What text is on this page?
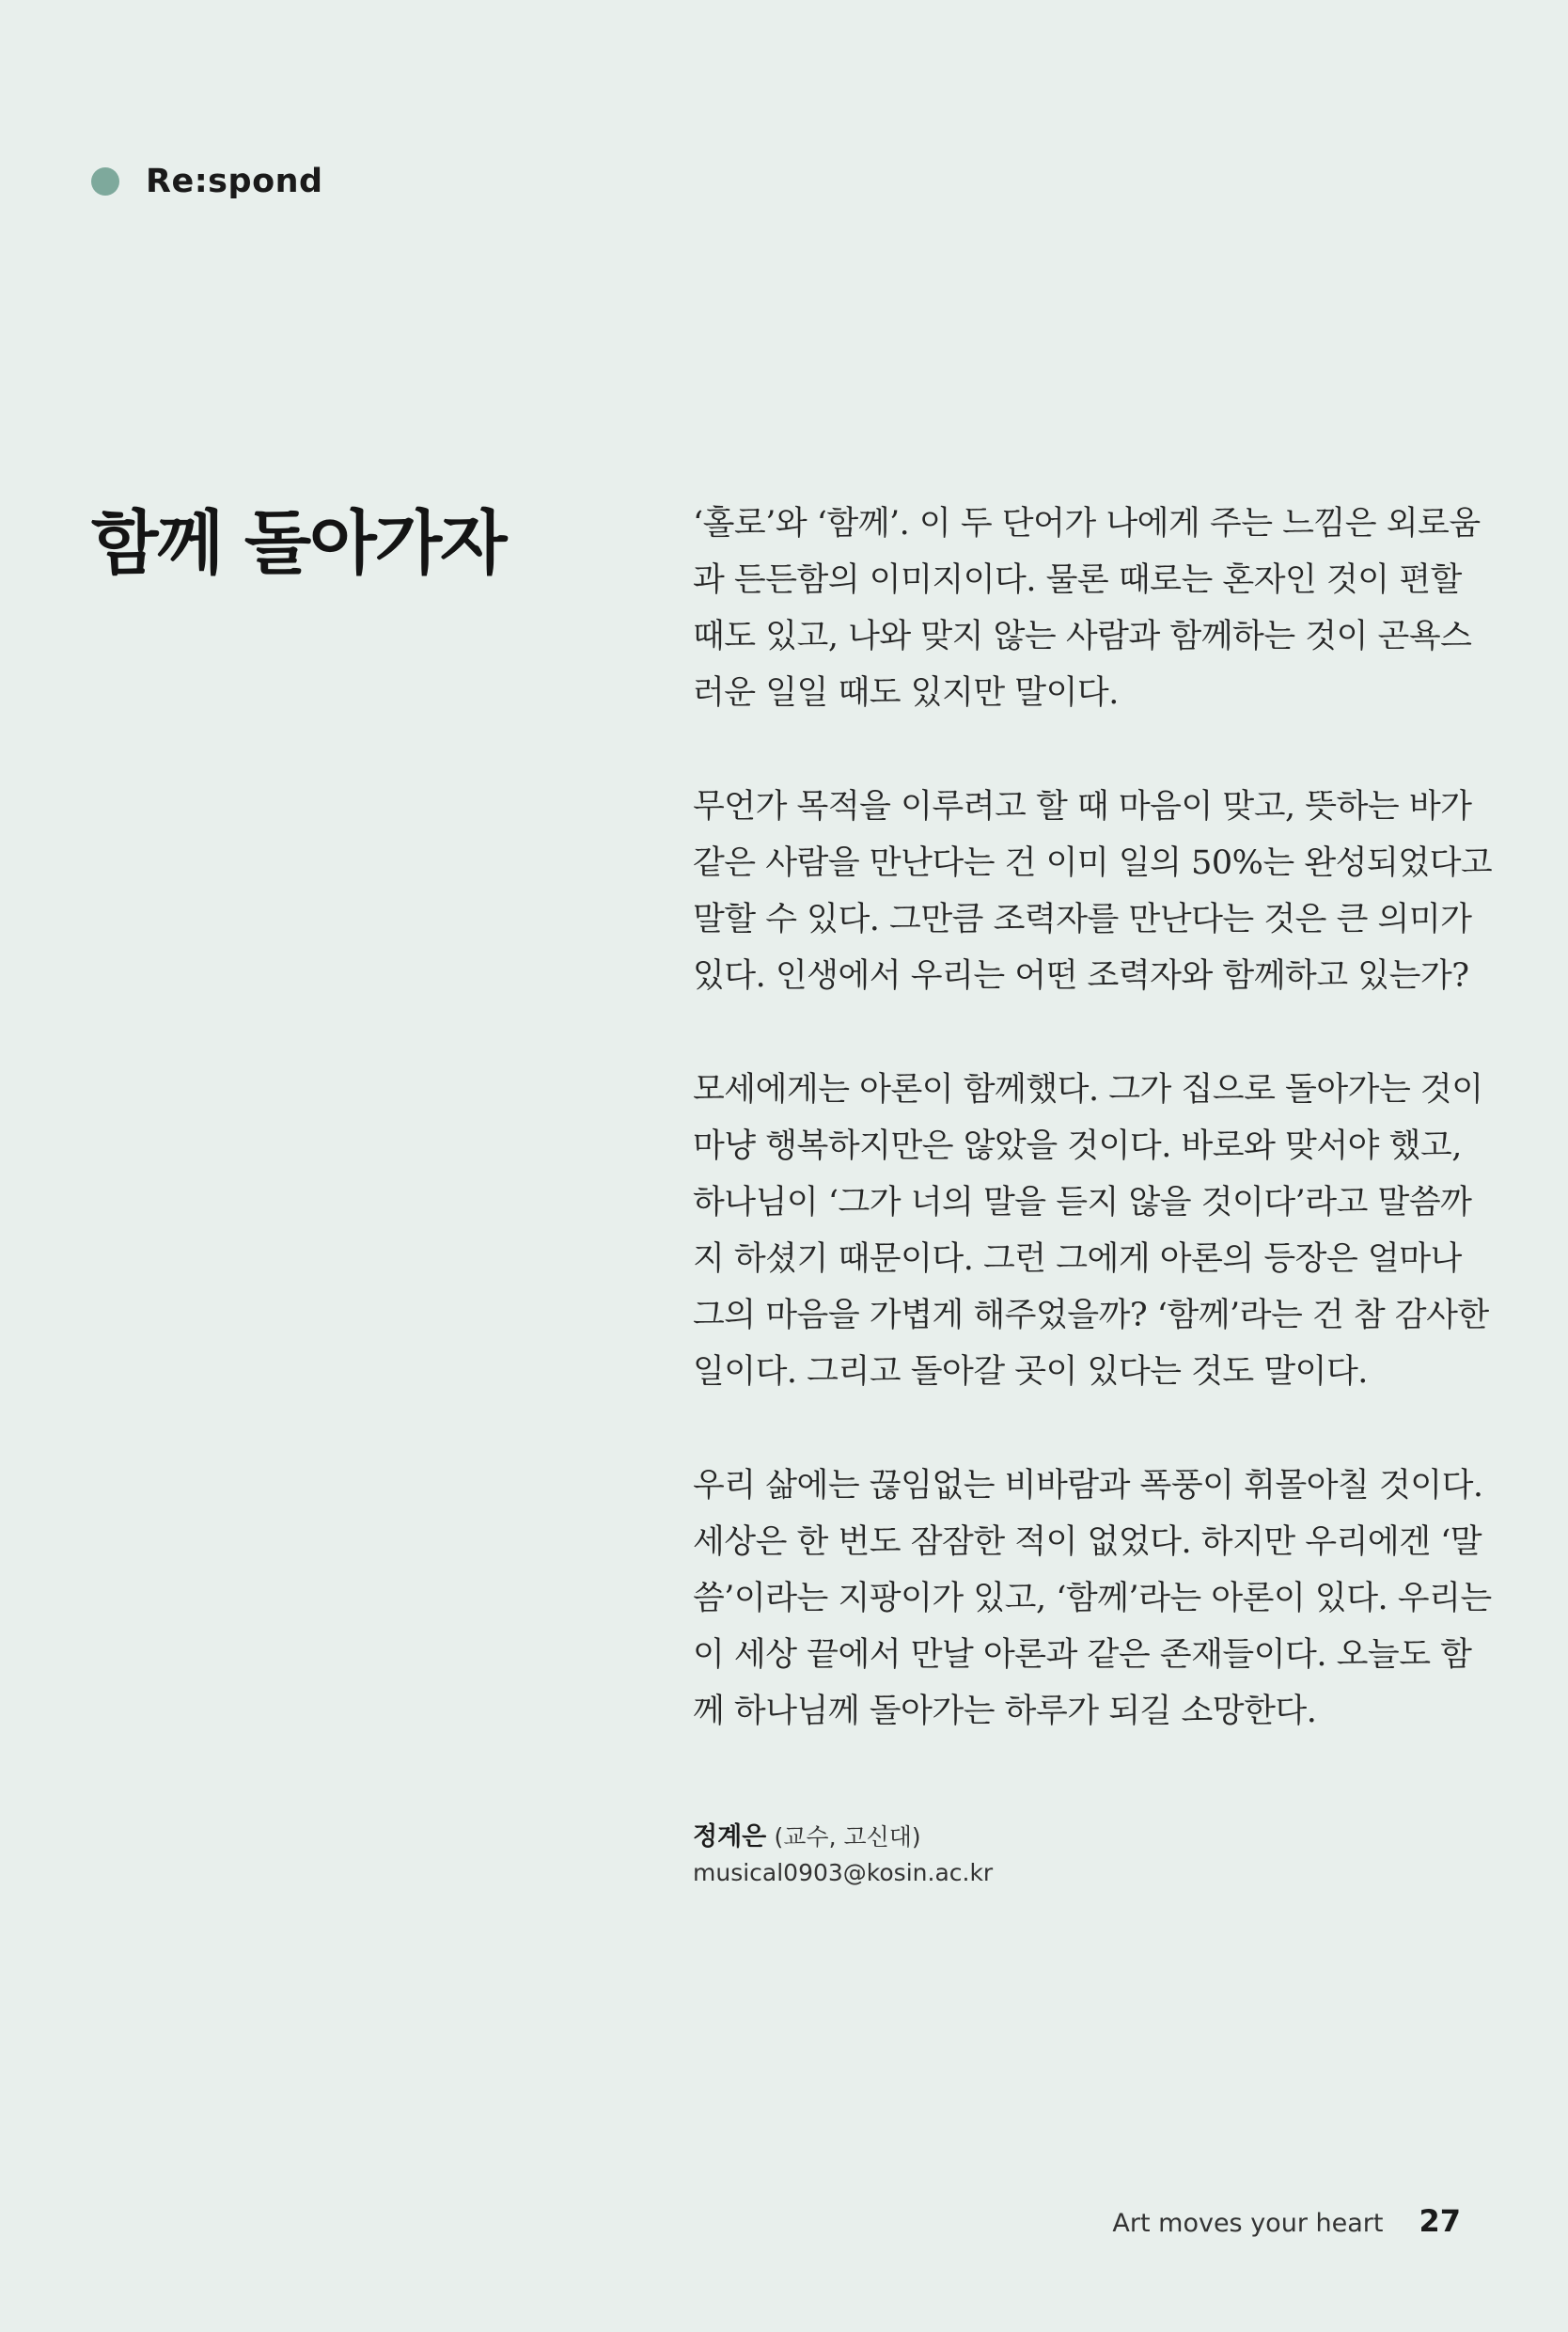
Re:spond
함께 돌아가자	‘홀로’와 ‘함께’. 이 두 단어가 나에게 주는 느낌은 외로움
과 든든함의 이미지이다. 물론 때로는 혼자인 것이 편할
때도 있고, 나와 맞지 않는 사람과 함께하는 것이 곤욕스
러운 일일 때도 있지만 말이다.

무언가 목적을 이루려고 할 때 마음이 맞고, 뜻하는 바가
같은 사람을 만난다는 건 이미 일의 50%는 완성되었다고
말할 수 있다. 그만큼 조력자를 만난다는 것은 큰 의미가
있다. 인생에서 우리는 어떤 조력자와 함께하고 있는가?

모세에게는 아론이 함께했다. 그가 집으로 돌아가는 것이
마냥 행복하지만은 않았을 것이다. 바로와 맞서야 했고,
하나님이 ‘그가 너의 말을 듣지 않을 것이다’라고 말씀까
지 하셨기 때문이다. 그런 그에게 아론의 등장은 얼마나
그의 마음을 가볍게 해주었을까? ‘함께’라는 건 참 감사한
일이다. 그리고 돌아갈 곳이 있다는 것도 말이다.

우리 삶에는 끊임없는 비바람과 폭풍이 휘몰아칠 것이다.
세상은 한 번도 잠잠한 적이 없었다. 하지만 우리에겐 ‘말
씀’이라는 지팡이가 있고, ‘함께’라는 아론이 있다. 우리는
이 세상 끝에서 만날 아론과 같은 존재들이다. 오늘도 함
께 하나님께 돌아가는 하루가 되길 소망한다.

정계은 (교수, 고신대)
musical0903@kosin.ac.kr
Art moves your heart 27
